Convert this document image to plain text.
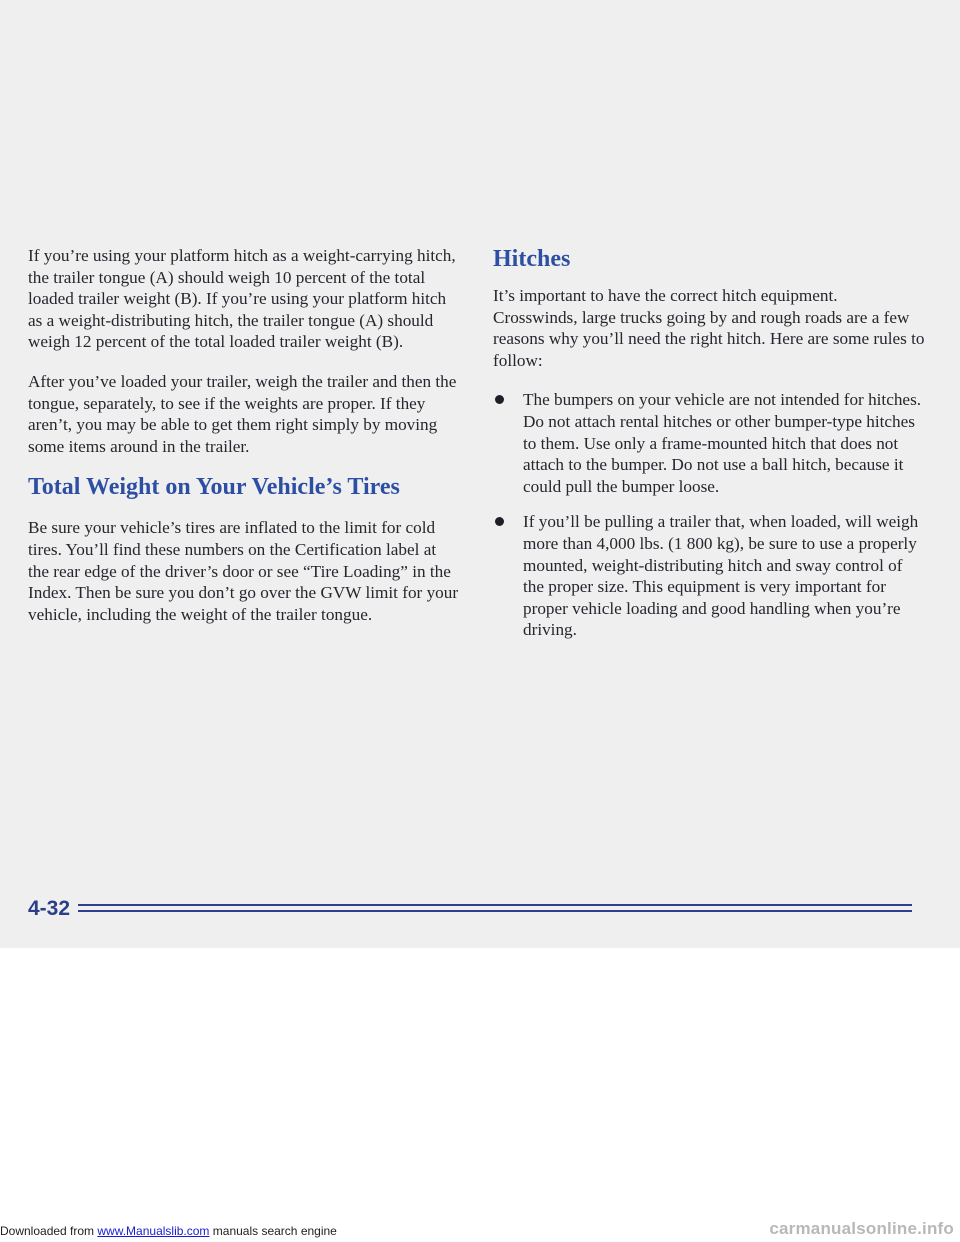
If you’re using your platform hitch as a weight-carrying hitch, the trailer tongue (A) should weigh 10 percent of the total loaded trailer weight (B). If you’re using your platform hitch as a weight-distributing hitch, the trailer tongue (A) should weigh 12 percent of the total loaded trailer weight (B).

After you’ve loaded your trailer, weigh the trailer and then the tongue, separately, to see if the weights are proper. If they aren’t, you may be able to get them right simply by moving some items around in the trailer.

Total Weight on Your Vehicle’s Tires

Be sure your vehicle’s tires are inflated to the limit for cold tires. You’ll find these numbers on the Certification label at the rear edge of the driver’s door or see “Tire Loading” in the Index. Then be sure you don’t go over the GVW limit for your vehicle, including the weight of the trailer tongue.

Hitches

It’s important to have the correct hitch equipment. Crosswinds, large trucks going by and rough roads are a few reasons why you’ll need the right hitch. Here are some rules to follow:

The bumpers on your vehicle are not intended for hitches. Do not attach rental hitches or other bumper-type hitches to them. Use only a frame-mounted hitch that does not attach to the bumper. Do not use a ball hitch, because it could pull the bumper loose.
If you’ll be pulling a trailer that, when loaded, will weigh more than 4,000 lbs. (1 800 kg), be sure to use a properly mounted, weight-distributing hitch and sway control of the proper size. This equipment is very important for proper vehicle loading and good handling when you’re driving.
4-32
Downloaded from www.Manualslib.com manuals search engine	carmanualsonline.info
